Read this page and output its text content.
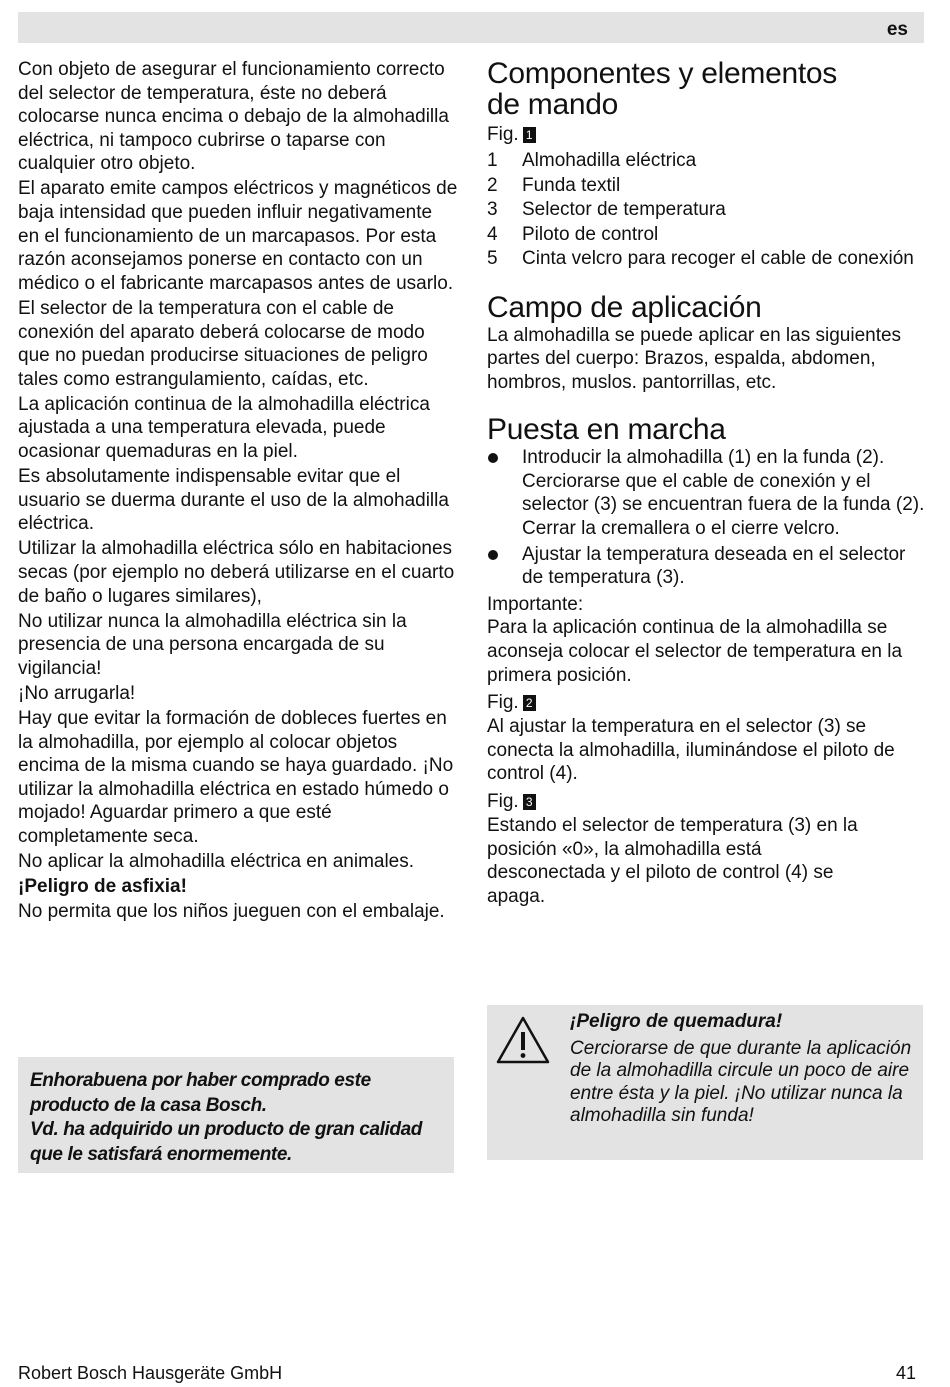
es

Con objeto de asegurar el funcionamiento correcto del selector de temperatura, éste no deberá colocarse nunca encima o debajo de la almohadilla eléctrica, ni tampoco cubrirse o taparse con cualquier otro objeto.

El aparato emite campos eléctricos y magnéticos de baja intensidad que pueden influir negativamente en el funcionamiento de un marcapasos. Por esta razón aconsejamos ponerse en contacto con un médico o el fabricante marcapasos antes de usarlo.

El selector de la temperatura con el cable de conexión del aparato deberá colocarse de modo que no puedan producirse situaciones de peligro tales como estrangulamiento, caídas, etc.

La aplicación continua de la almohadilla eléctrica ajustada a una temperatura elevada, puede ocasionar quemaduras en la piel.

Es absolutamente indispensable evitar que el usuario se duerma durante el uso de la almohadilla eléctrica.

Utilizar la almohadilla eléctrica sólo en habitaciones secas (por ejemplo no deberá utilizarse en el cuarto de baño o lugares similares),

No utilizar nunca la almohadilla eléctrica sin la presencia de una persona encargada de su vigilancia!

¡No arrugarla!

Hay que evitar la formación de dobleces fuertes en la almohadilla, por ejemplo al colocar objetos encima de la misma cuando se haya guardado. ¡No utilizar la almohadilla eléctrica en estado húmedo o mojado! Aguardar primero a que esté completamente seca.

No aplicar la almohadilla eléctrica en animales.

¡Peligro de asfixia!

No permita que los niños jueguen con el embalaje.

Enhorabuena por haber comprado este producto de la casa Bosch.
Vd. ha adquirido un producto de gran calidad que le satisfará enormemente.

Componentes y elementos de mando

Fig. 1

1	Almohadilla eléctrica
2	Funda textil
3	Selector de temperatura
4	Piloto de control
5	Cinta velcro para recoger el cable de conexión
Campo de aplicación

La almohadilla se puede aplicar en las siguientes partes del cuerpo: Brazos, espalda, abdomen, hombros, muslos. pantorrillas, etc.

Puesta en marcha
Introducir la almohadilla (1) en la funda (2). Cerciorarse que el cable de conexión y el selector (3) se encuentran fuera de la funda (2). Cerrar la cremallera o el cierre velcro.
Ajustar la temperatura deseada en el selector de temperatura (3).

Importante:

Para la aplicación continua de la almohadilla se aconseja colocar el selector de temperatura en la primera posición.

Fig. 2

Al ajustar la temperatura en el selector (3) se conecta la almohadilla, iluminándose el piloto de control (4).

Fig. 3

Estando el selector de temperatura (3) en la posición «0», la almohadilla está desconectada y el piloto de control (4) se apaga.

¡Peligro de quemadura!
Cerciorarse de que durante la aplicación de la almohadilla circule un poco de aire entre ésta y la piel. ¡No utilizar nunca la almohadilla sin funda!
Robert Bosch Hausgeräte GmbH	41
